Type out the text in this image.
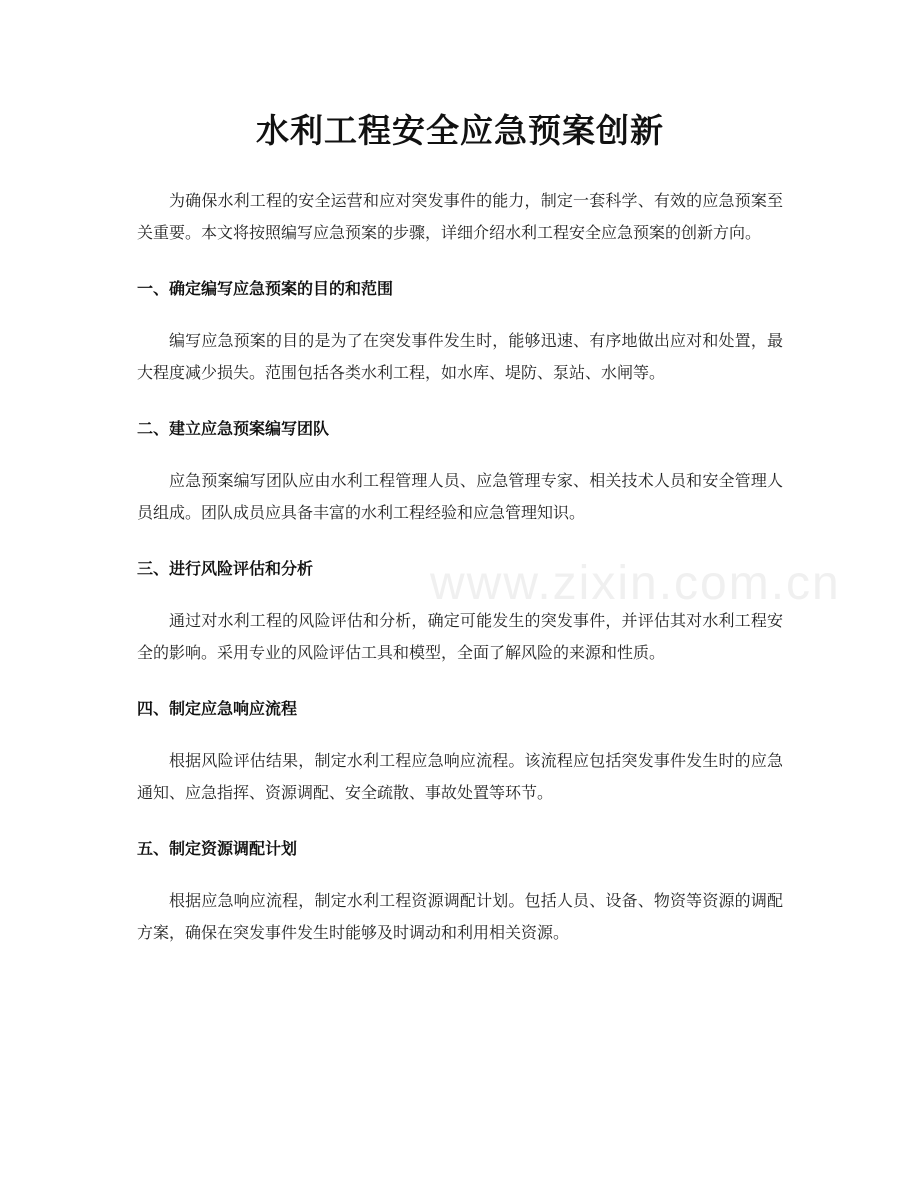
水利工程安全应急预案创新

为确保水利工程的安全运营和应对突发事件的能力，制定一套科学、有效的应急预案至关重要。本文将按照编写应急预案的步骤，详细介绍水利工程安全应急预案的创新方向。

一、确定编写应急预案的目的和范围

编写应急预案的目的是为了在突发事件发生时，能够迅速、有序地做出应对和处置，最大程度减少损失。范围包括各类水利工程，如水库、堤防、泵站、水闸等。

二、建立应急预案编写团队

应急预案编写团队应由水利工程管理人员、应急管理专家、相关技术人员和安全管理人员组成。团队成员应具备丰富的水利工程经验和应急管理知识。

三、进行风险评估和分析

通过对水利工程的风险评估和分析，确定可能发生的突发事件，并评估其对水利工程安全的影响。采用专业的风险评估工具和模型，全面了解风险的来源和性质。

四、制定应急响应流程

根据风险评估结果，制定水利工程应急响应流程。该流程应包括突发事件发生时的应急通知、应急指挥、资源调配、安全疏散、事故处置等环节。

五、制定资源调配计划

根据应急响应流程，制定水利工程资源调配计划。包括人员、设备、物资等资源的调配方案，确保在突发事件发生时能够及时调动和利用相关资源。

www.zixin.com.cn
